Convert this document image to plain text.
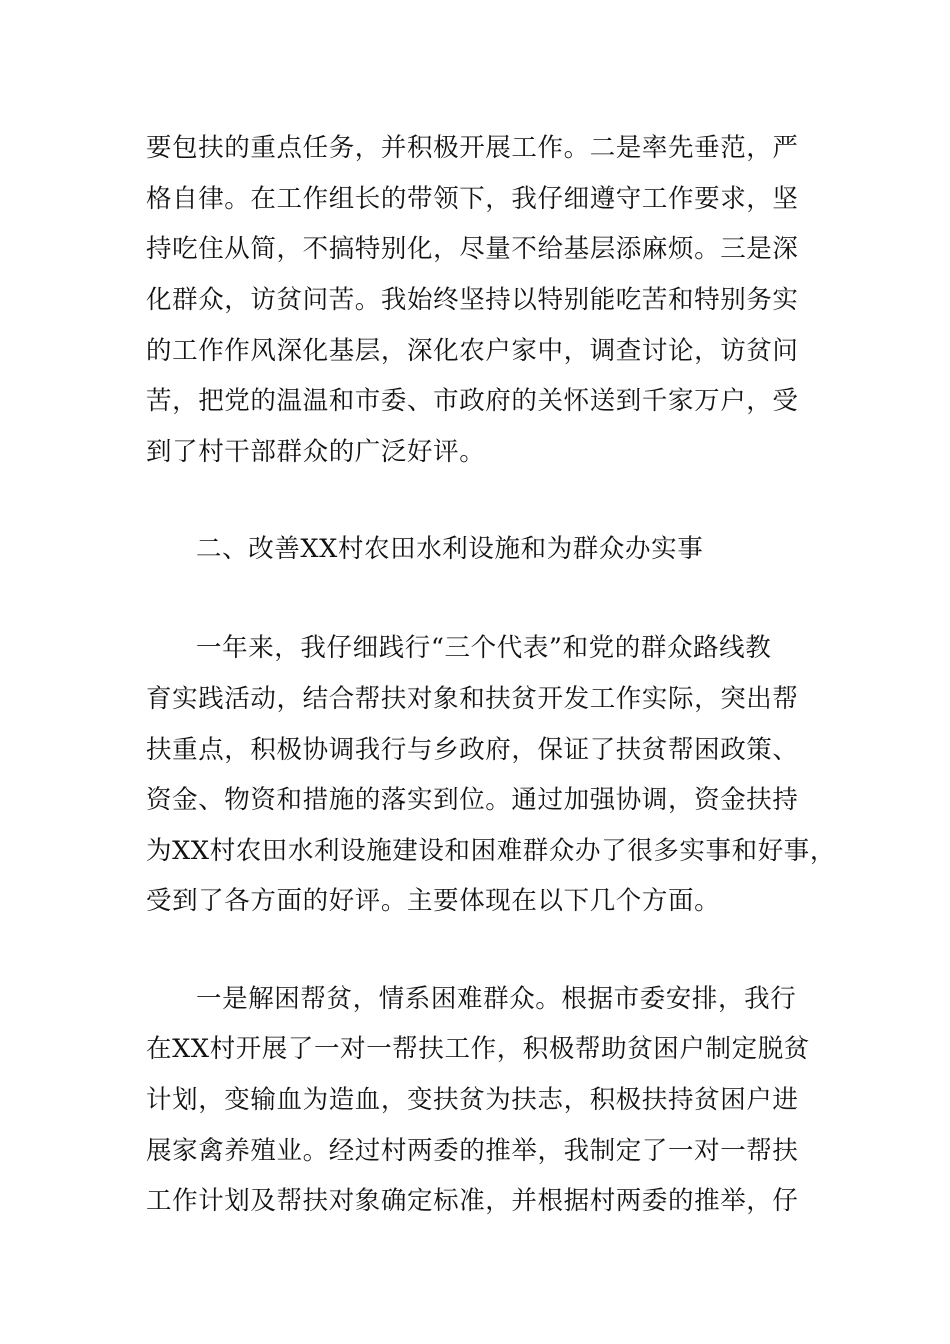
要包扶的重点任务，并积极开展工作。二是率先垂范，严
格自律。在工作组长的带领下，我仔细遵守工作要求，坚
持吃住从简，不搞特别化，尽量不给基层添麻烦。三是深
化群众，访贫问苦。我始终坚持以特别能吃苦和特别务实
的工作作风深化基层，深化农户家中，调查讨论，访贫问
苦，把党的温温和市委、市政府的关怀送到千家万户，受
到了村干部群众的广泛好评。
二、改善XX村农田水利设施和为群众办实事
一年来，我仔细践行“三个代表”和党的群众路线教
育实践活动，结合帮扶对象和扶贫开发工作实际，突出帮
扶重点，积极协调我行与乡政府，保证了扶贫帮困政策、
资金、物资和措施的落实到位。通过加强协调，资金扶持
为XX村农田水利设施建设和困难群众办了很多实事和好事，
受到了各方面的好评。主要体现在以下几个方面。
一是解困帮贫，情系困难群众。根据市委安排，我行
在XX村开展了一对一帮扶工作，积极帮助贫困户制定脱贫
计划，变输血为造血，变扶贫为扶志，积极扶持贫困户进
展家禽养殖业。经过村两委的推举，我制定了一对一帮扶
工作计划及帮扶对象确定标准，并根据村两委的推举，仔
